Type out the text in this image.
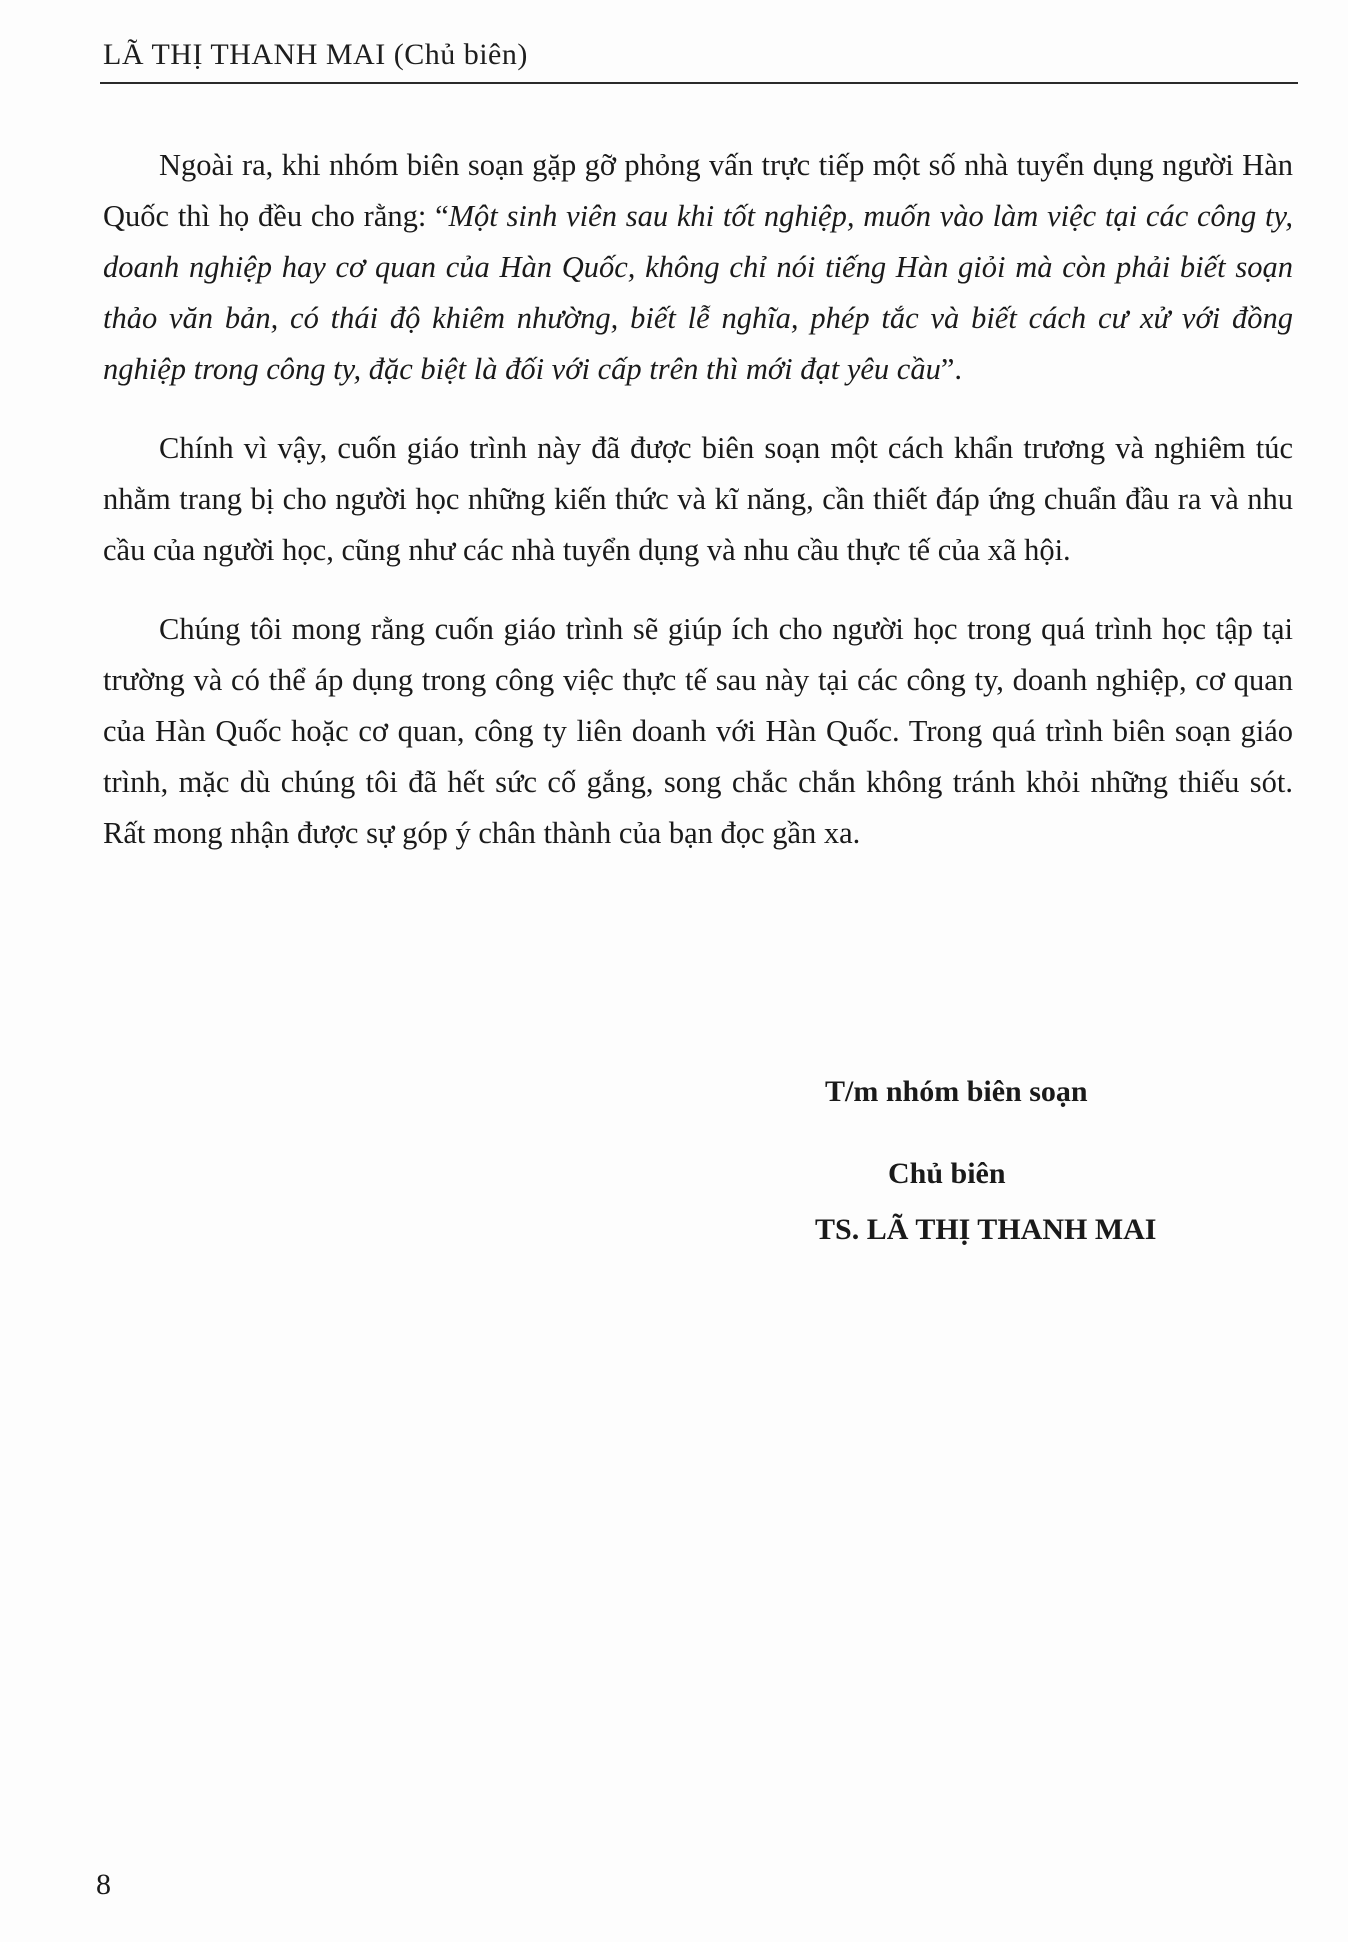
LÃ THỊ THANH MAI (Chủ biên)

Ngoài ra, khi nhóm biên soạn gặp gỡ phỏng vấn trực tiếp một số nhà tuyển dụng người Hàn Quốc thì họ đều cho rằng: “Một sinh viên sau khi tốt nghiệp, muốn vào làm việc tại các công ty, doanh nghiệp hay cơ quan của Hàn Quốc, không chỉ nói tiếng Hàn giỏi mà còn phải biết soạn thảo văn bản, có thái độ khiêm nhường, biết lễ nghĩa, phép tắc và biết cách cư xử với đồng nghiệp trong công ty, đặc biệt là đối với cấp trên thì mới đạt yêu cầu”.

Chính vì vậy, cuốn giáo trình này đã được biên soạn một cách khẩn trương và nghiêm túc nhằm trang bị cho người học những kiến thức và kĩ năng, cần thiết đáp ứng chuẩn đầu ra và nhu cầu của người học, cũng như các nhà tuyển dụng và nhu cầu thực tế của xã hội.

Chúng tôi mong rằng cuốn giáo trình sẽ giúp ích cho người học trong quá trình học tập tại trường và có thể áp dụng trong công việc thực tế sau này tại các công ty, doanh nghiệp, cơ quan của Hàn Quốc hoặc cơ quan, công ty liên doanh với Hàn Quốc. Trong quá trình biên soạn giáo trình, mặc dù chúng tôi đã hết sức cố gắng, song chắc chắn không tránh khỏi những thiếu sót. Rất mong nhận được sự góp ý chân thành của bạn đọc gần xa.

T/m nhóm biên soạn
Chủ biên
TS. LÃ THỊ THANH MAI
8
